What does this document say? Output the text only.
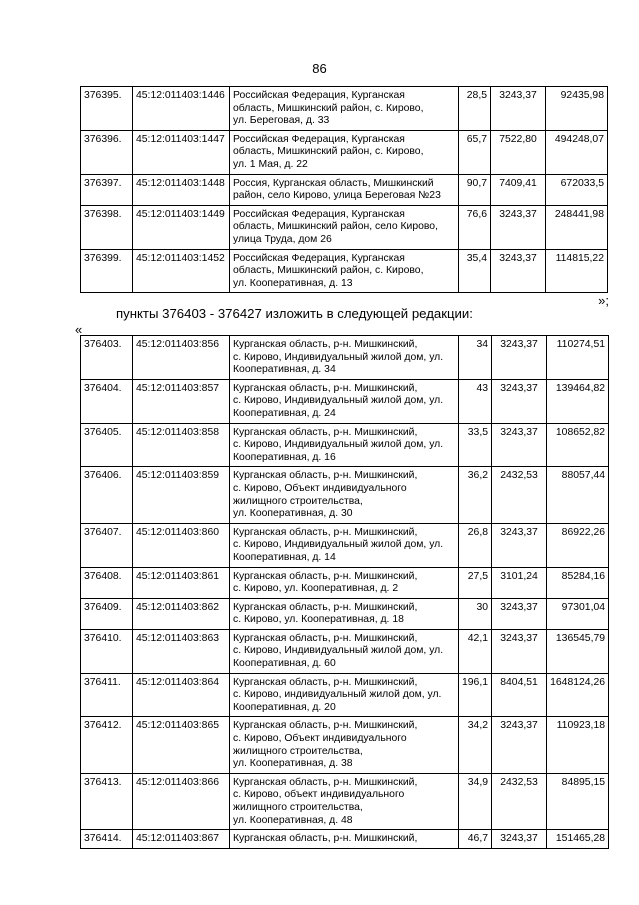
86
376395.	45:12:011403:1446	Российская Федерация, Курганская
область, Мишкинский район, с. Кирово,
ул. Береговая, д. 33	28,5	3243,37	92435,98
376396.	45:12:011403:1447	Российская Федерация, Курганская
область, Мишкинский район, с. Кирово,
ул. 1 Мая, д. 22	65,7	7522,80	494248,07
376397.	45:12:011403:1448	Россия, Курганская область, Мишкинский
район, село Кирово, улица Береговая №23	90,7	7409,41	672033,5
376398.	45:12:011403:1449	Российская Федерация, Курганская
область, Мишкинский район, село Кирово,
улица Труда, дом 26	76,6	3243,37	248441,98
376399.	45:12:011403:1452	Российская Федерация, Курганская
область, Мишкинский район, с. Кирово,
ул. Кооперативная, д. 13	35,4	3243,37	114815,22
»;
пункты 376403 - 376427 изложить в следующей редакции:
«
376403.	45:12:011403:856	Курганская область, р-н. Мишкинский,
с. Кирово, Индивидуальный жилой дом, ул.
Кооперативная, д. 34	34	3243,37	110274,51
376404.	45:12:011403:857	Курганская область, р-н. Мишкинский,
с. Кирово, Индивидуальный жилой дом, ул.
Кооперативная, д. 24	43	3243,37	139464,82
376405.	45:12:011403:858	Курганская область, р-н. Мишкинский,
с. Кирово, Индивидуальный жилой дом, ул.
Кооперативная, д. 16	33,5	3243,37	108652,82
376406.	45:12:011403:859	Курганская область, р-н. Мишкинский,
с. Кирово, Объект индивидуального
жилищного строительства,
ул. Кооперативная, д. 30	36,2	2432,53	88057,44
376407.	45:12:011403:860	Курганская область, р-н. Мишкинский,
с. Кирово, Индивидуальный жилой дом, ул.
Кооперативная, д. 14	26,8	3243,37	86922,26
376408.	45:12:011403:861	Курганская область, р-н. Мишкинский,
с. Кирово, ул. Кооперативная, д. 2	27,5	3101,24	85284,16
376409.	45:12:011403:862	Курганская область, р-н. Мишкинский,
с. Кирово, ул. Кооперативная, д. 18	30	3243,37	97301,04
376410.	45:12:011403:863	Курганская область, р-н. Мишкинский,
с. Кирово, Индивидуальный жилой дом, ул.
Кооперативная, д. 60	42,1	3243,37	136545,79
376411.	45:12:011403:864	Курганская область, р-н. Мишкинский,
с. Кирово, индивидуальный жилой дом, ул.
Кооперативная, д. 20	196,1	8404,51	1648124,26
376412.	45:12:011403:865	Курганская область, р-н. Мишкинский,
с. Кирово, Объект индивидуального
жилищного строительства,
ул. Кооперативная, д. 38	34,2	3243,37	110923,18
376413.	45:12:011403:866	Курганская область, р-н. Мишкинский,
с. Кирово, объект индивидуального
жилищного строительства,
ул. Кооперативная, д. 48	34,9	2432,53	84895,15
376414.	45:12:011403:867	Курганская область, р-н. Мишкинский,	46,7	3243,37	151465,28
